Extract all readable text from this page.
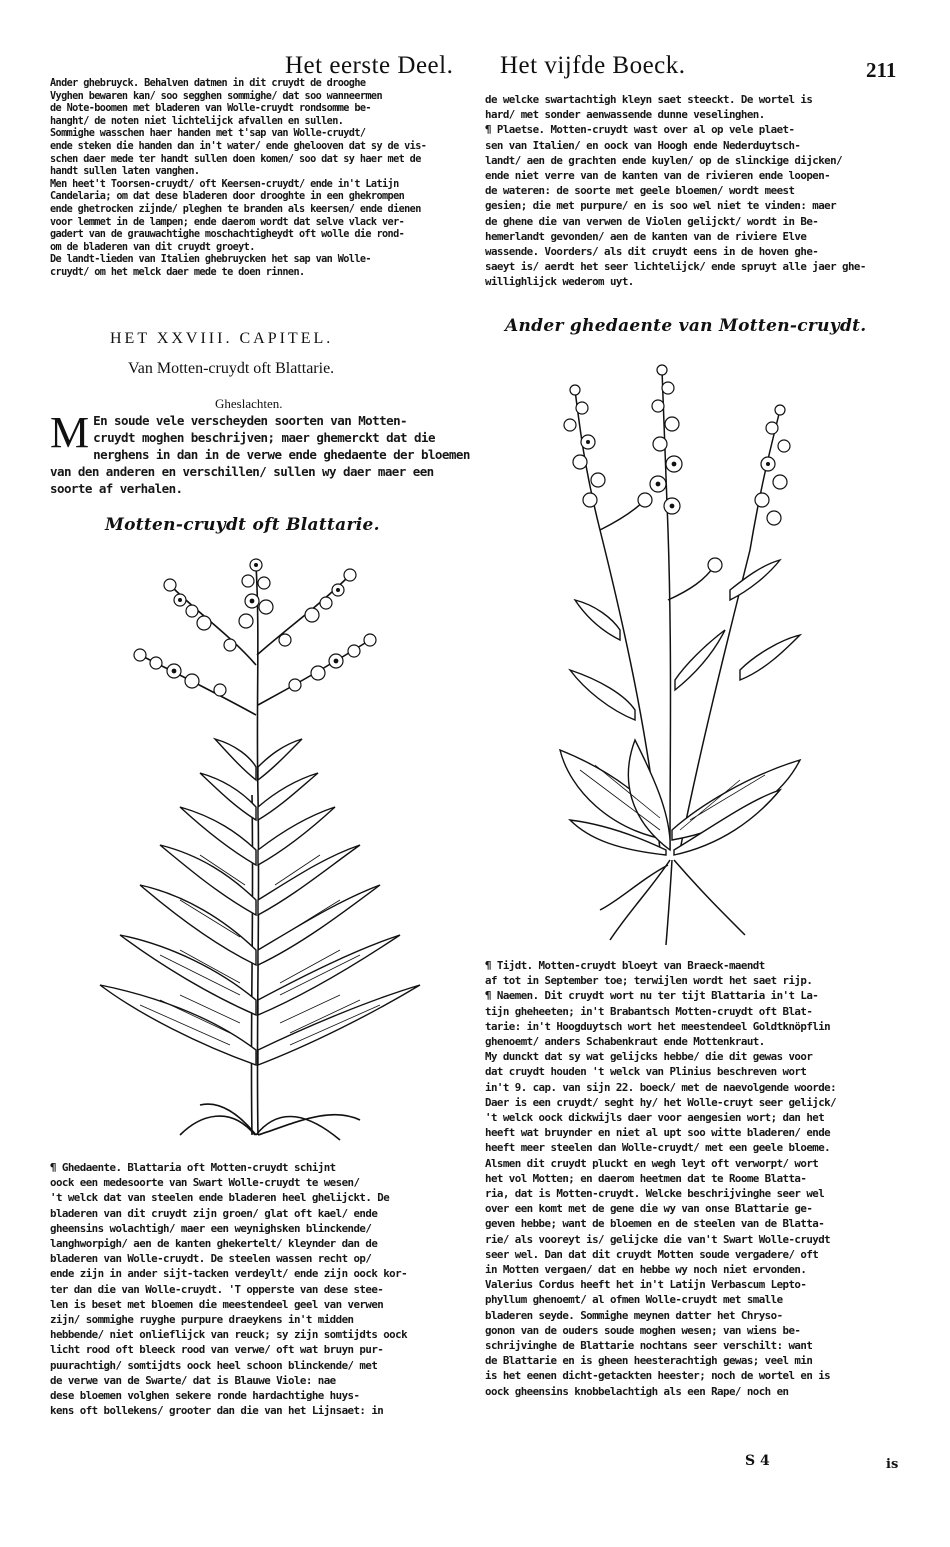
Het eerste Deel. Het vijfde Boeck.	211

Ander ghebruyck. Behalven datmen in dit cruydt de drooghe

Vyghen bewaren kan/ soo segghen sommighe/ dat soo wanneermen

de Note-boomen met bladeren van Wolle-cruydt rondsomme be-

hanght/ de noten niet lichtelijck afvallen en sullen.

Sommighe wasschen haer handen met t'sap van Wolle-cruydt/

ende steken die handen dan in't water/ ende ghelooven dat sy de vis-

schen daer mede ter handt sullen doen komen/ soo dat sy haer met de

handt sullen laten vanghen.

Men heet't Toorsen-cruydt/ oft Keersen-cruydt/ ende in't Latijn

Candelaria; om dat dese bladeren door drooghte in een ghekrompen

ende ghetrocken zijnde/ pleghen te branden als keersen/ ende dienen

voor lemmet in de lampen; ende daerom wordt dat selve vlack ver-

gadert van de grauwachtighe moschachtigheydt oft wolle die rond-

om de bladeren van dit cruydt groeyt.

De landt-lieden van Italien ghebruycken het sap van Wolle-

cruydt/ om het melck daer mede te doen rinnen.

HET XXVIII. CAPITEL.
Van Motten-cruydt oft Blattarie.
Gheslachten.
M En soude vele verscheyden soorten van Motten-

cruydt moghen beschrijven; maer ghemerckt dat die

nerghens in dan in de verwe ende ghedaente der bloemen

van den anderen en verschillen/ sullen wy daer maer een

soorte af verhalen.

Motten-cruydt oft Blattarie.

¶ Ghedaente. Blattaria oft Motten-cruydt schijnt

oock een medesoorte van Swart Wolle-cruydt te wesen/

't welck dat van steelen ende bladeren heel ghelijckt. De

bladeren van dit cruydt zijn groen/ glat oft kael/ ende

gheensins wolachtigh/ maer een weynighsken blinckende/

langhworpigh/ aen de kanten ghekertelt/ kleynder dan de

bladeren van Wolle-cruydt. De steelen wassen recht op/

ende zijn in ander sijt-tacken verdeylt/ ende zijn oock kor-

ter dan die van Wolle-cruydt. 'T opperste van dese stee-

len is beset met bloemen die meestendeel geel van verwen

zijn/ sommighe ruyghe purpure draeykens in't midden

hebbende/ niet onlieflijck van reuck; sy zijn somtijdts oock

licht rood oft bleeck rood van verwe/ oft wat bruyn pur-

puurachtigh/ somtijdts oock heel schoon blinckende/ met

de verwe van de Swarte/ dat is Blauwe Viole: nae

dese bloemen volghen sekere ronde hardachtighe huys-

kens oft bollekens/ grooter dan die van het Lijnsaet: in

de welcke swartachtigh kleyn saet steeckt. De wortel is

hard/ met sonder aenwassende dunne veselinghen.

¶ Plaetse. Motten-cruydt wast over al op vele plaet-

sen van Italien/ en oock van Hoogh ende Nederduytsch-

landt/ aen de grachten ende kuylen/ op de slinckige dijcken/

ende niet verre van de kanten van de rivieren ende loopen-

de wateren: de soorte met geele bloemen/ wordt meest

gesien; die met purpure/ en is soo wel niet te vinden: maer

de ghene die van verwen de Violen gelijckt/ wordt in Be-

hemerlandt gevonden/ aen de kanten van de riviere Elve

wassende. Voorders/ als dit cruydt eens in de hoven ghe-

saeyt is/ aerdt het seer lichtelijck/ ende spruyt alle jaer ghe-

willighlijck wederom uyt.

Ander ghedaente van Motten-cruydt.

¶ Tijdt. Motten-cruydt bloeyt van Braeck-maendt

af tot in September toe; terwijlen wordt het saet rijp.

¶ Naemen. Dit cruydt wort nu ter tijt Blattaria in't La-

tijn gheheeten; in't Brabantsch Motten-cruydt oft Blat-

tarie: in't Hoogduytsch wort het meestendeel Goldtknöpflin

ghenoemt/ anders Schabenkraut ende Mottenkraut.

My dunckt dat sy wat gelijcks hebbe/ die dit gewas voor

dat cruydt houden 't welck van Plinius beschreven wort

in't 9. cap. van sijn 22. boeck/ met de naevolgende woorde:

Daer is een cruydt/ seght hy/ het Wolle-cruyt seer gelijck/

't welck oock dickwijls daer voor aengesien wort; dan het

heeft wat bruynder en niet al upt soo witte bladeren/ ende

heeft meer steelen dan Wolle-cruydt/ met een geele bloeme.

Alsmen dit cruydt pluckt en wegh leyt oft verworpt/ wort

het vol Motten; en daerom heetmen dat te Roome Blatta-

ria, dat is Motten-cruydt. Welcke beschrijvinghe seer wel

over een komt met de gene die wy van onse Blattarie ge-

geven hebbe; want de bloemen en de steelen van de Blatta-

rie/ als vooreyt is/ gelijcke die van't Swart Wolle-cruydt

seer wel. Dan dat dit cruydt Motten soude vergadere/ oft

in Motten vergaen/ dat en hebbe wy noch niet ervonden.

Valerius Cordus heeft het in't Latijn Verbascum Lepto-

phyllum ghenoemt/ al ofmen Wolle-cruydt met smalle

bladeren seyde. Sommighe meynen datter het Chryso-

gonon van de ouders soude moghen wesen; van wiens be-

schrijvinghe de Blattarie nochtans seer verschilt: want

de Blattarie en is gheen heesterachtigh gewas; veel min

is het eenen dicht-getackten heester; noch de wortel en is

oock gheensins knobbelachtigh als een Rape/ noch en

S 4	is
